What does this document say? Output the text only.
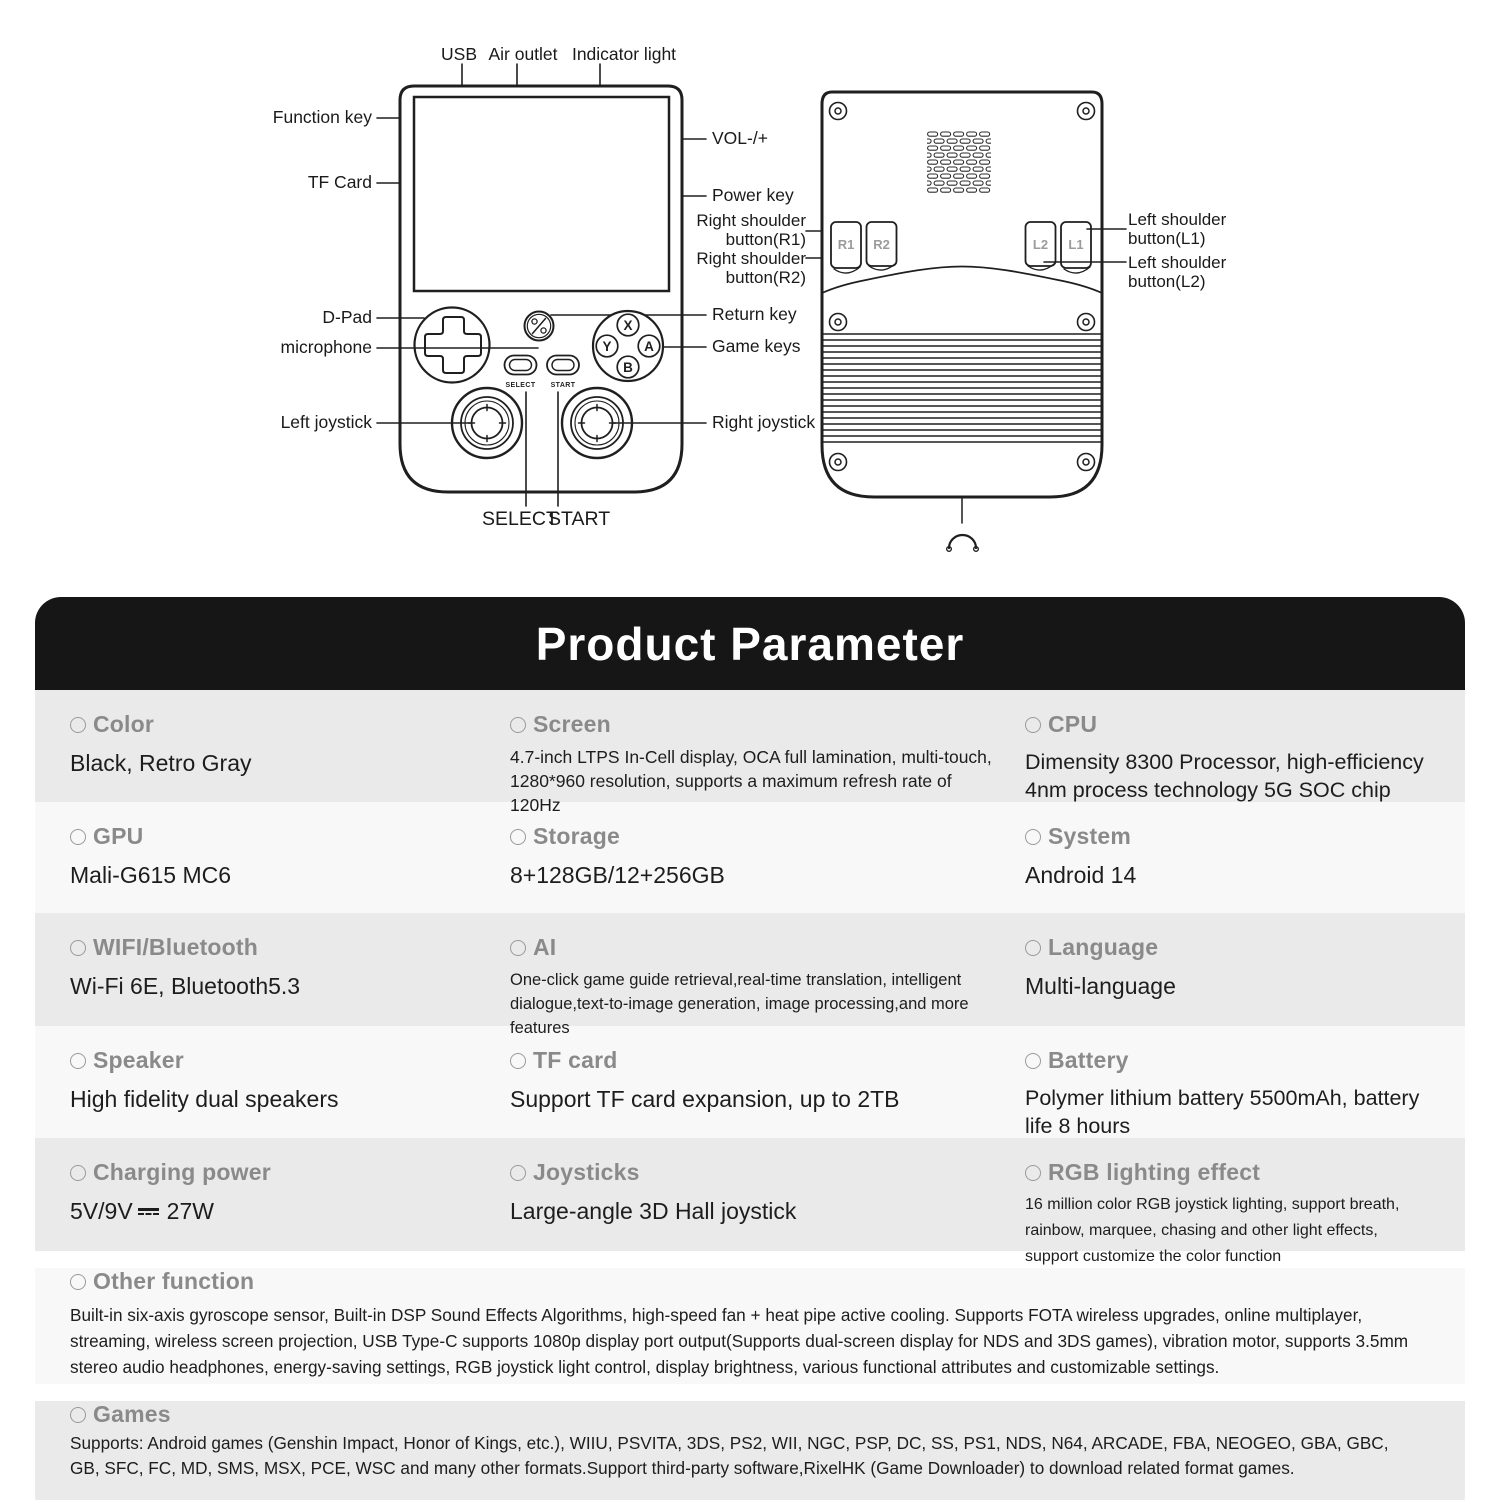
X
Y A
B
SELECT START
R1 R2	L2 L1
USB Air outlet Indicator light
Function key
TF Card
D-Pad
microphone
Left joystick
VOL-/+
Power key
Return key
Game keys
Right joystick
Right shoulder
button(R1)
Right shoulder
button(R2)
Left shoulder
button(L1)
Left shoulder
button(L2)
SELECT
START
Product Parameter
Color
Black, Retro Gray
Screen
4.7-inch LTPS In-Cell display, OCA full lamination, multi-touch, 1280*960 resolution, supports a maximum refresh rate of 120Hz
CPU
Dimensity 8300 Processor, high-efficiency 4nm process technology 5G SOC chip
GPU
Mali-G615 MC6
Storage
8+128GB/12+256GB
System
Android 14
WIFI/Bluetooth
Wi-Fi 6E, Bluetooth5.3
AI
One-click game guide retrieval,real-time translation, intelligent dialogue,text-to-image generation, image processing,and more features
Language
Multi-language
Speaker
High fidelity dual speakers
TF card
Support TF card expansion, up to 2TB
Battery
Polymer lithium battery 5500mAh, battery life 8 hours
Charging power
5V/9V 27W
Joysticks
Large-angle 3D Hall joystick
RGB lighting effect
16 million color RGB joystick lighting, support breath, rainbow, marquee, chasing and other light effects, support customize the color function
Other function
Built-in six-axis gyroscope sensor, Built-in DSP Sound Effects Algorithms, high-speed fan + heat pipe active cooling. Supports FOTA wireless upgrades, online multiplayer, streaming, wireless screen projection, USB Type-C supports 1080p display port output(Supports dual-screen display for NDS and 3DS games), vibration motor, supports 3.5mm stereo audio headphones, energy-saving settings, RGB joystick light control, display brightness, various functional attributes and customizable settings.
Games
Supports: Android games (Genshin Impact, Honor of Kings, etc.), WIIU, PSVITA, 3DS, PS2, WII, NGC, PSP, DC, SS, PS1, NDS, N64, ARCADE, FBA, NEOGEO, GBA, GBC, GB, SFC, FC, MD, SMS, MSX, PCE, WSC and many other formats.Support third-party software,RixelHK (Game Downloader) to download related format games.
